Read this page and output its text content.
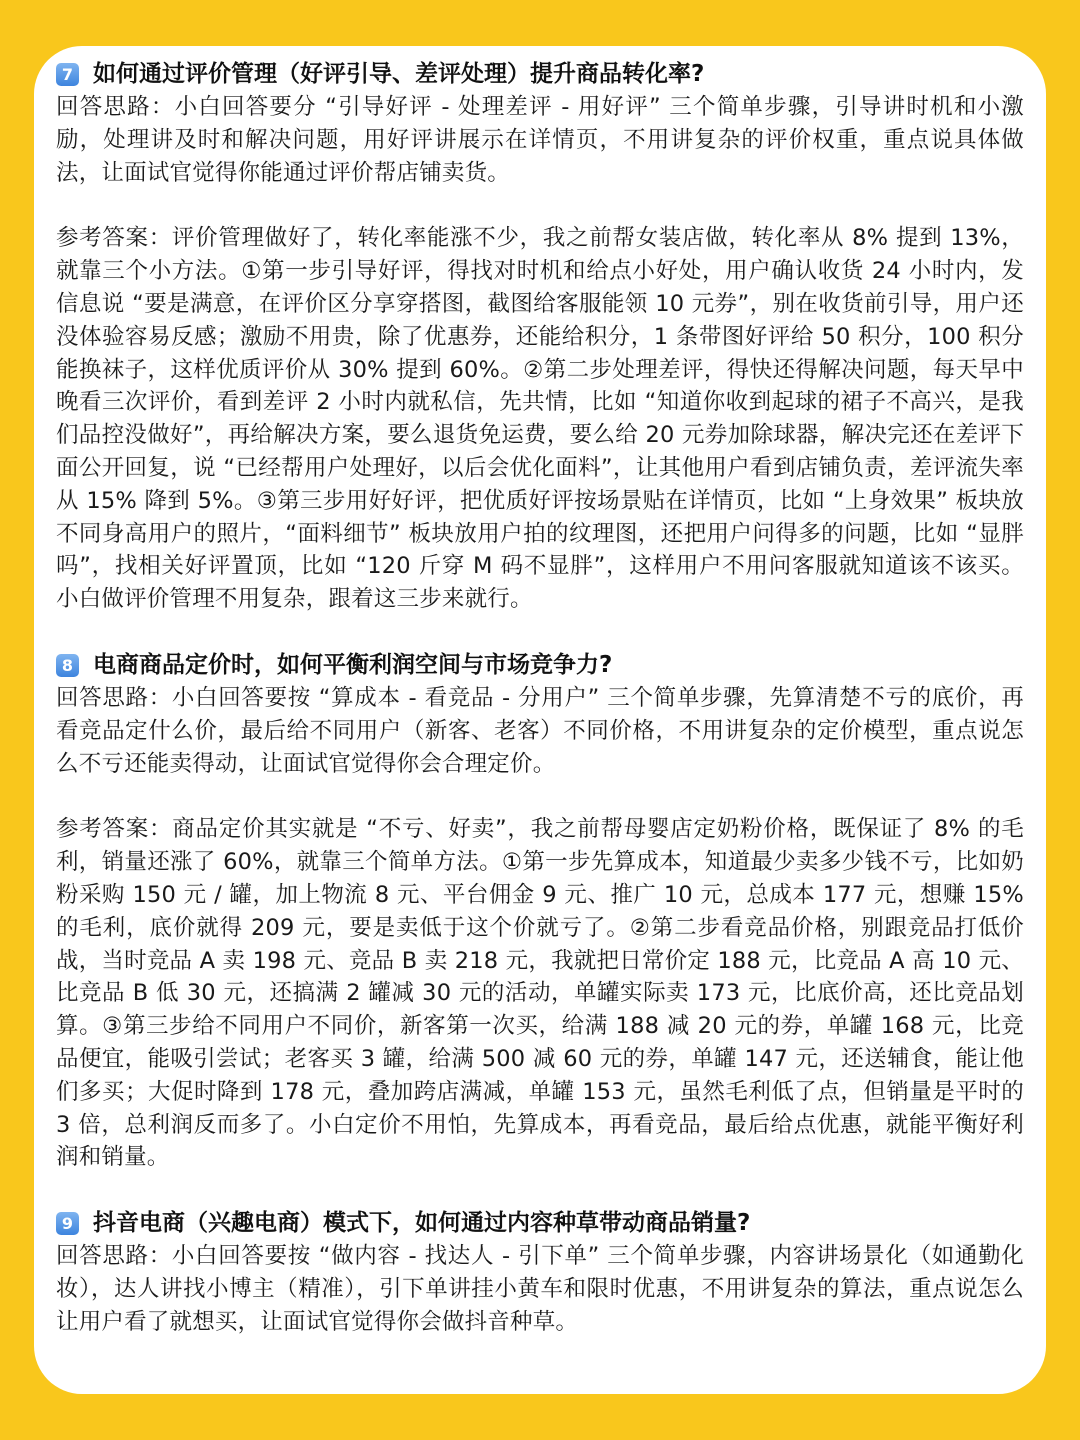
7 如何通过评价管理（好评引导、差评处理）提升商品转化率?

回答思路：小白回答要分 “引导好评 - 处理差评 - 用好评” 三个简单步骤，引导讲时机和小激励，处理讲及时和解决问题，用好评讲展示在详情页，不用讲复杂的评价权重，重点说具体做法，让面试官觉得你能通过评价帮店铺卖货。

参考答案：评价管理做好了，转化率能涨不少，我之前帮女装店做，转化率从 8% 提到 13%，就靠三个小方法。①第一步引导好评，得找对时机和给点小好处，用户确认收货 24 小时内，发信息说 “要是满意，在评价区分享穿搭图，截图给客服能领 10 元券”，别在收货前引导，用户还没体验容易反感；激励不用贵，除了优惠券，还能给积分，1 条带图好评给 50 积分，100 积分能换袜子，这样优质评价从 30% 提到 60%。②第二步处理差评，得快还得解决问题，每天早中晚看三次评价，看到差评 2 小时内就私信，先共情，比如 “知道你收到起球的裙子不高兴，是我们品控没做好”，再给解决方案，要么退货免运费，要么给 20 元券加除球器，解决完还在差评下面公开回复，说 “已经帮用户处理好，以后会优化面料”，让其他用户看到店铺负责，差评流失率从 15% 降到 5%。③第三步用好好评，把优质好评按场景贴在详情页，比如 “上身效果” 板块放不同身高用户的照片，“面料细节” 板块放用户拍的纹理图，还把用户问得多的问题，比如 “显胖吗”，找相关好评置顶，比如 “120 斤穿 M 码不显胖”，这样用户不用问客服就知道该不该买。小白做评价管理不用复杂，跟着这三步来就行。

8 电商商品定价时，如何平衡利润空间与市场竞争力?

回答思路：小白回答要按 “算成本 - 看竞品 - 分用户” 三个简单步骤，先算清楚不亏的底价，再看竞品定什么价，最后给不同用户（新客、老客）不同价格，不用讲复杂的定价模型，重点说怎么不亏还能卖得动，让面试官觉得你会合理定价。

参考答案：商品定价其实就是 “不亏、好卖”，我之前帮母婴店定奶粉价格，既保证了 8% 的毛利，销量还涨了 60%，就靠三个简单方法。①第一步先算成本，知道最少卖多少钱不亏，比如奶粉采购 150 元 / 罐，加上物流 8 元、平台佣金 9 元、推广 10 元，总成本 177 元，想赚 15% 的毛利，底价就得 209 元，要是卖低于这个价就亏了。②第二步看竞品价格，别跟竞品打低价战，当时竞品 A 卖 198 元、竞品 B 卖 218 元，我就把日常价定 188 元，比竞品 A 高 10 元、比竞品 B 低 30 元，还搞满 2 罐减 30 元的活动，单罐实际卖 173 元，比底价高，还比竞品划算。③第三步给不同用户不同价，新客第一次买，给满 188 减 20 元的券，单罐 168 元，比竞品便宜，能吸引尝试；老客买 3 罐，给满 500 减 60 元的券，单罐 147 元，还送辅食，能让他们多买；大促时降到 178 元，叠加跨店满减，单罐 153 元，虽然毛利低了点，但销量是平时的 3 倍，总利润反而多了。小白定价不用怕，先算成本，再看竞品，最后给点优惠，就能平衡好利润和销量。

9 抖音电商（兴趣电商）模式下，如何通过内容种草带动商品销量?

回答思路：小白回答要按 “做内容 - 找达人 - 引下单” 三个简单步骤，内容讲场景化（如通勤化妆），达人讲找小博主（精准），引下单讲挂小黄车和限时优惠，不用讲复杂的算法，重点说怎么让用户看了就想买，让面试官觉得你会做抖音种草。
